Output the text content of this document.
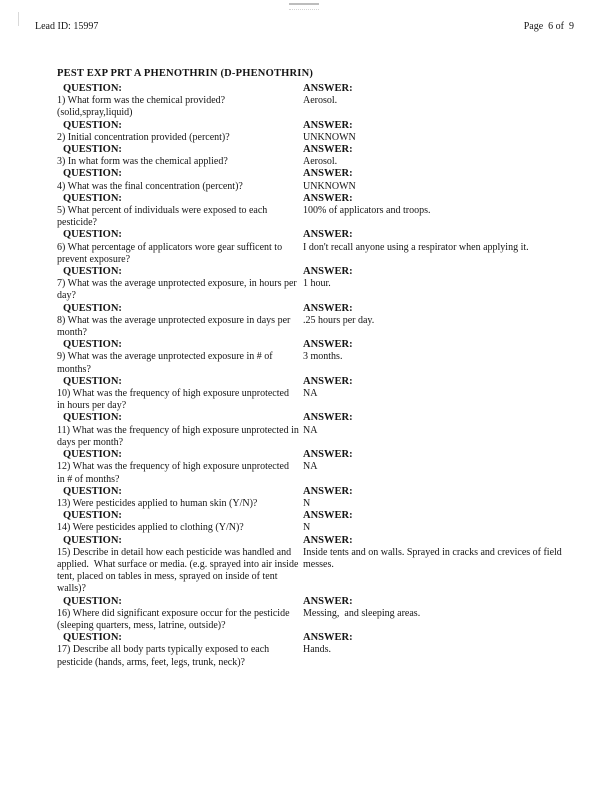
Lead ID: 15997	Page  6 of  9
PEST EXP PRT A PHENOTHRIN (D-PHENOTHRIN)
QUESTION:
1) What form was the chemical provided?(solid,spray,liquid)
ANSWER:
Aerosol.
QUESTION:
2) Initial concentration provided (percent)?
ANSWER:
UNKNOWN
QUESTION:
3) In what form was the chemical applied?
ANSWER:
Aerosol.
QUESTION:
4) What was the final concentration (percent)?
ANSWER:
UNKNOWN
QUESTION:
5) What percent of individuals were exposed to each pesticide?
ANSWER:
100% of applicators and troops.
QUESTION:
6) What percentage of applicators wore gear sufficent to prevent exposure?
ANSWER:
I don't recall anyone using a respirator when applying it.
QUESTION:
7) What was the average unprotected exposure, in hours per day?
ANSWER:
1 hour.
QUESTION:
8) What was the average unprotected exposure in days per month?
ANSWER:
.25 hours per day.
QUESTION:
9) What was the average unprotected exposure in # of months?
ANSWER:
3 months.
QUESTION:
10) What was the frequency of high exposure unprotected in hours per day?
ANSWER:
NA
QUESTION:
11) What was the frequency of high exposure unprotected in days per month?
ANSWER:
NA
QUESTION:
12) What was the frequency of high exposure unprotected in # of months?
ANSWER:
NA
QUESTION:
13) Were pesticides applied to human skin (Y/N)?
ANSWER:
N
QUESTION:
14) Were pesticides applied to clothing (Y/N)?
ANSWER:
N
QUESTION:
15) Describe in detail how each pesticide was handled and applied.  What surface or media. (e.g. sprayed into air inside tent, placed on tables in mess, sprayed on inside of tent walls)?
ANSWER:
Inside tents and on walls. Sprayed in cracks and crevices of field messes.
QUESTION:
16) Where did significant exposure occur for the pesticide (sleeping quarters, mess, latrine, outside)?
ANSWER:
Messing,  and sleeping areas.
QUESTION:
17) Describe all body parts typically exposed to each pesticide (hands, arms, feet, legs, trunk, neck)?
ANSWER:
Hands.
